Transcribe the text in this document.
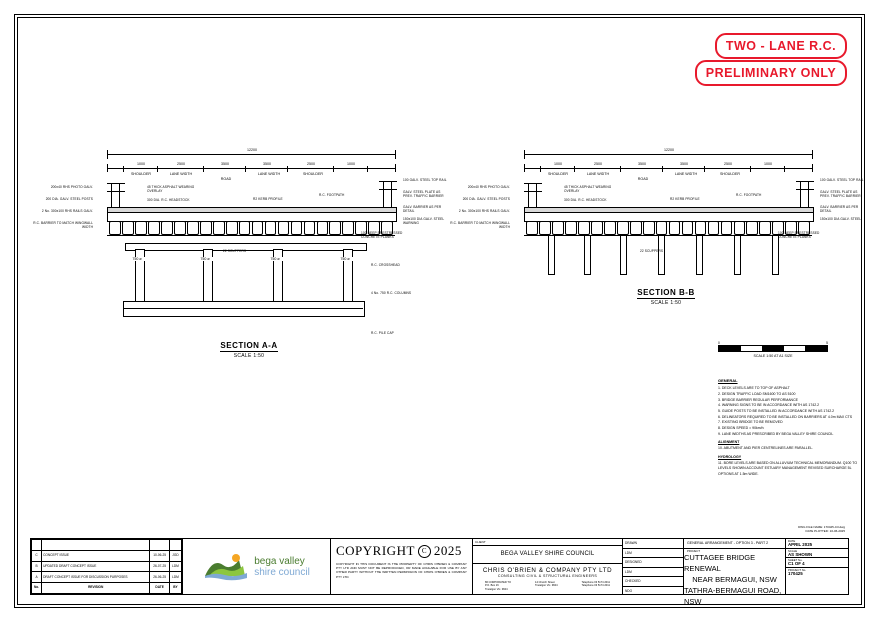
TWO - LANE R.C.
PRELIMINARY ONLY
12200
1000	2500	3500	3500	2500	1000
SHOULDER	LANE WIDTH
ROAD
LANE WIDTH	SHOULDER
750 ø	750 ø	750 ø	750 ø
200x40 RHS PHOTO GALV.
200 DIA. GALV. STEEL POSTS
2 No. 300x100 RHS RAILS GALV.
R.C. BARRIER TO MATCH WINGWALL WIDTH
45 THICK ASPHALT WEARING OVERLAY
300 DIA. R.C. HEADSTOCK	R2 KERB PROFILE
R.C. FOOTPATH
22 SCUPPERS
100 DEEP PRESTRESSED CONCRETE PLANKS
R.C. CROSSHEAD
4 No. 750 R.C. COLUMNS
R.C. PILE CAP
100 GALV. STEEL TOP RAIL
GALV. STEEL PLATE AS PREV. TRAFFIC BARRIER
GALV. BARRIER AS PER DETAIL
150x100 DIA GALV. STEEL WARNING
SECTION A-A
SCALE 1:50
12200
1000	2500	3500	3500	2500	1000
SHOULDER	LANE WIDTH
ROAD
LANE WIDTH	SHOULDER
200x40 RHS PHOTO GALV.
200 DIA. GALV. STEEL POSTS
2 No. 300x100 RHS RAILS GALV.
R.C. BARRIER TO MATCH WINGWALL WIDTH
45 THICK ASPHALT WEARING OVERLAY
300 DIA. R.C. HEADSTOCK	R2 KERB PROFILE
R.C. FOOTPATH
22 SCUPPERS
100 DEEP PRESTRESSED CONCRETE PLANKS
100 GALV. STEEL TOP RAIL
GALV. STEEL PLATE AS PREV. TRAFFIC BARRIER
GALV. BARRIER AS PER DETAIL
150x100 DIA GALV. STEEL
SECTION B-B
SCALE 1:50
0	5
SCALE 1:50 AT A1 SIZE
GENERAL
1. DECK LEVELS ARE TO TOP OF ASPHALT
2. DESIGN TRAFFIC LOAD SM1600 TO AS 5100
3. BRIDGE BARRIER REGULAR PERFORMANCE
4. WARNING SIGNS TO BE IN ACCORDANCE WITH AS 1742.2
5. GUIDE POSTS TO BE INSTALLED IN ACCORDANCE WITH AS 1742.2
6. DELINEATORS REQUIRED TO BE INSTALLED ON BARRIERS AT 4.0m MAX CTS
7. EXISTING BRIDGE TO BE REMOVED
8. DESIGN SPEED = 90km/h
9. LANE WIDTHS AS PRESCRIBED BY BEGA VALLEY SHIRE COUNCIL
ALIGNMENT
10. ABUTMENT AND PIER CENTRELINES ARE PARALLEL.
HYDROLOGY
11. BORE LEVELS ARE BASED ON ALLUVIUM TECHNICAL MEMORANDUM. Q100 TO LEVELS SHOWN ACCOUNT ESTUARY MANAGEMENT REVISED SURCHARGE 5L OPTIONS AT 1.5m WIDE.
DWG FILE NAME: 170425-C3.dwg
DATE PLOTTED: 10-06-2025

C	CONCEPT ISSUE	10-06-25	JGD
B	UPDATED DRAFT CONCEPT ISSUE	26-07-25	LDM
A	DRAFT CONCEPT ISSUE FOR DISCUSSION PURPOSES	26-06-25	LDM
No.	REVISION	DATE	BY
bega valley
shire council
COPYRIGHT C 2025
COPYRIGHT IN THIS DOCUMENT IS THE PROPERTY OF CHRIS O'BRIEN & COMPANY PTY LTD AND MUST NOT BE REPRODUCED, OR MADE AVAILABLE FOR USE BY ANY OTHER PARTY WITHOUT THE WRITTEN PERMISSION OF CHRIS O'BRIEN & COMPANY PTY LTD.
CLIENT
BEGA VALLEY SHIRE COUNCIL
CHRIS O'BRIEN & COMPANY PTY LTD
CONSULTING CIVIL & STRUCTURAL ENGINEERS
86 CORPORATED TO
P.O. Box 16
Traralgon Vic. 3844
14 Church Street
Traralgon Vic. 3844
Telephone 03 5174 2011
Telephone 03 5174 2011
DRAWN
LDM
DESIGNED
LDM
CHECKED
NDO
GENERAL ARRANGEMENT - OPTION 3 - PART 2
PROJECT
CUTTAGEE BRIDGE RENEWAL
NEAR BERMAGUI, NSW
TATHRA-BERMAGUI ROAD, NSW
DATE
APRIL 2025
SCALE
AS SHOWN
SHEET No.
C1 OF 4
PROJECT No.
170425
